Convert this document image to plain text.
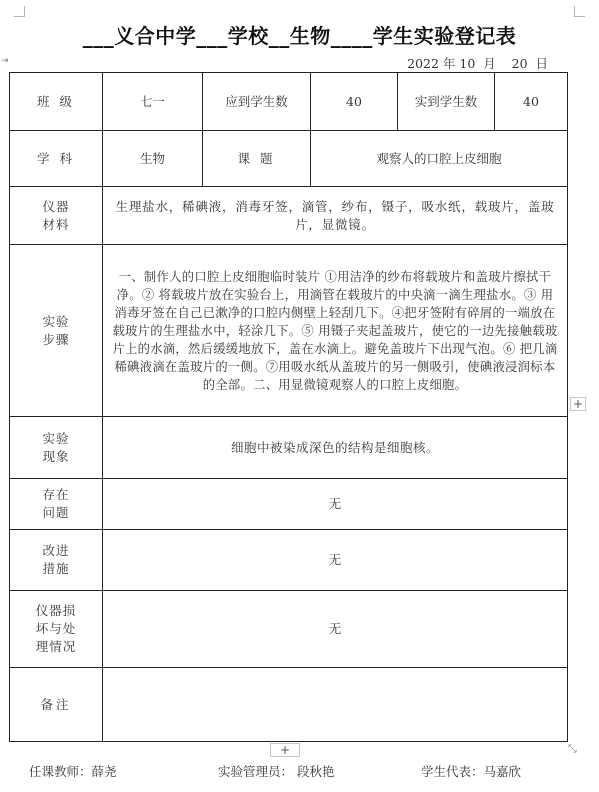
⇥
___义合中学___学校__生物____学生实验登记表
2022 年 10  月    20  日
班 级	七一	应到学生数	40	实到学生数	40
学 科	生物	课 题	观察人的口腔上皮细胞		

仪器
材料	生理盐水，稀碘液，消毒牙签，滴管，纱布，镊子，吸水纸，载玻片，盖玻片，显微镜。				

实验
步骤	一、制作人的口腔上皮细胞临时装片 ①用洁净的纱布将载玻片和盖玻片擦拭干净。② 将载玻片放在实验台上，用滴管在载玻片的中央滴一滴生理盐水。③ 用消毒牙签在自己已漱净的口腔内侧壁上轻刮几下。④把牙签附有碎屑的一端放在载玻片的生理盐水中，轻涂几下。⑤ 用镊子夹起盖玻片，使它的一边先接触载玻片上的水滴，然后缓缓地放下，盖在水滴上。避免盖玻片下出现气泡。⑥ 把几滴稀碘液滴在盖玻片的一侧。⑦用吸水纸从盖玻片的另一侧吸引，使碘液浸润标本的全部。二、用显微镜观察人的口腔上皮细胞。				

实验
现象	细胞中被染成深色的结构是细胞核。				

存在
问题	无				

改进
措施	无				

仪器损
坏与处
理情况	无				
备注					
+
+	⤡
任课教师：薛尧	实验管理员： 段秋艳	学生代表：马嘉欣
